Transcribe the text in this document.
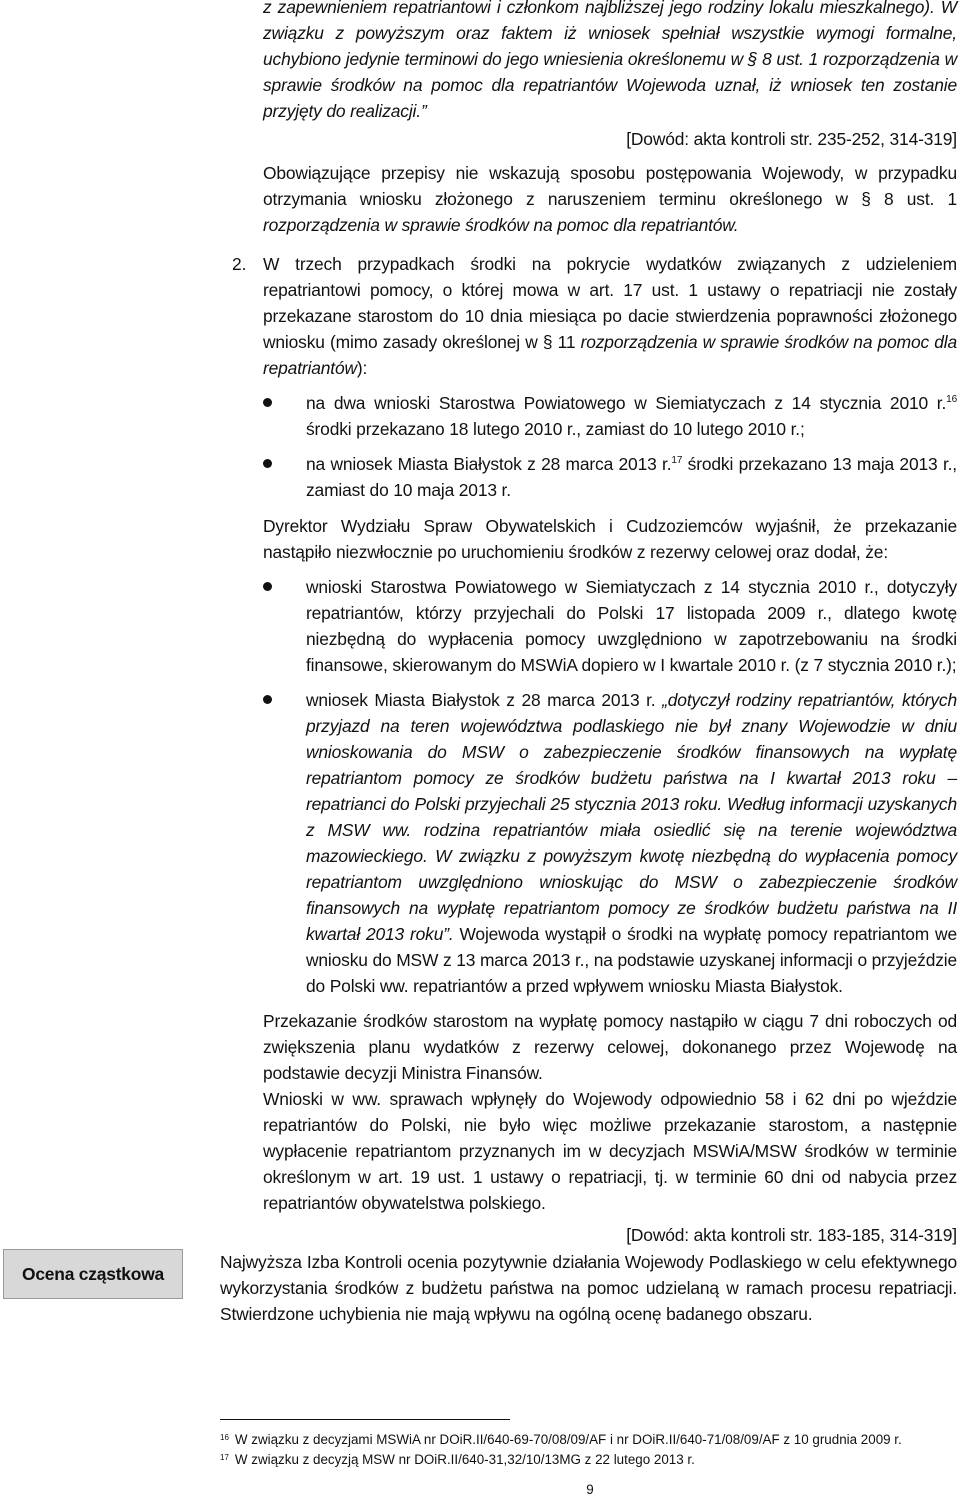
z zapewnieniem repatriantowi i członkom najbliższej jego rodziny lokalu mieszkalnego). W związku z powyższym oraz faktem iż wniosek spełniał wszystkie wymogi formalne, uchybiono jedynie terminowi do jego wniesienia określonemu w § 8 ust. 1 rozporządzenia w sprawie środków na pomoc dla repatriantów Wojewoda uznał, iż wniosek ten zostanie przyjęty do realizacji.”

[Dowód: akta kontroli str. 235-252, 314-319]

Obowiązujące przepisy nie wskazują sposobu postępowania Wojewody, w przypadku otrzymania wniosku złożonego z naruszeniem terminu określonego w § 8 ust. 1 rozporządzenia w sprawie środków na pomoc dla repatriantów.

2. W trzech przypadkach środki na pokrycie wydatków związanych z udzieleniem repatriantowi pomocy, o której mowa w art. 17 ust. 1 ustawy o repatriacji nie zostały przekazane starostom do 10 dnia miesiąca po dacie stwierdzenia poprawności złożonego wniosku (mimo zasady określonej w § 11 rozporządzenia w sprawie środków na pomoc dla repatriantów):

na dwa wnioski Starostwa Powiatowego w Siemiatyczach z 14 stycznia 2010 r.$^{16}$ środki przekazano 18 lutego 2010 r., zamiast do 10 lutego 2010 r.;
na wniosek Miasta Białystok z 28 marca 2013 r.$^{17}$ środki przekazano 13 maja 2013 r., zamiast do 10 maja 2013 r.

Dyrektor Wydziału Spraw Obywatelskich i Cudzoziemców wyjaśnił, że przekazanie nastąpiło niezwłocznie po uruchomieniu środków z rezerwy celowej oraz dodał, że:

wnioski Starostwa Powiatowego w Siemiatyczach z 14 stycznia 2010 r., dotyczyły repatriantów, którzy przyjechali do Polski 17 listopada 2009 r., dlatego kwotę niezbędną do wypłacenia pomocy uwzględniono w zapotrzebowaniu na środki finansowe, skierowanym do MSWiA dopiero w I kwartale 2010 r. (z 7 stycznia 2010 r.);
wniosek Miasta Białystok z 28 marca 2013 r. „dotyczył rodziny repatriantów, których przyjazd na teren województwa podlaskiego nie był znany Wojewodzie w dniu wnioskowania do MSW o zabezpieczenie środków finansowych na wypłatę repatriantom pomocy ze środków budżetu państwa na I kwartał 2013 roku – repatrianci do Polski przyjechali 25 stycznia 2013 roku. Według informacji uzyskanych z MSW ww. rodzina repatriantów miała osiedlić się na terenie województwa mazowieckiego. W związku z powyższym kwotę niezbędną do wypłacenia pomocy repatriantom uwzględniono wnioskując do MSW o zabezpieczenie środków finansowych na wypłatę repatriantom pomocy ze środków budżetu państwa na II kwartał 2013 roku”. Wojewoda wystąpił o środki na wypłatę pomocy repatriantom we wniosku do MSW z 13 marca 2013 r., na podstawie uzyskanej informacji o przyjeździe do Polski ww. repatriantów a przed wpływem wniosku Miasta Białystok.

Przekazanie środków starostom na wypłatę pomocy nastąpiło w ciągu 7 dni roboczych od zwiększenia planu wydatków z rezerwy celowej, dokonanego przez Wojewodę na podstawie decyzji Ministra Finansów.

Wnioski w ww. sprawach wpłynęły do Wojewody odpowiednio 58 i 62 dni po wjeździe repatriantów do Polski, nie było więc możliwe przekazanie starostom, a następnie wypłacenie repatriantom przyznanych im w decyzjach MSWiA/MSW środków w terminie określonym w art. 19 ust. 1 ustawy o repatriacji, tj. w terminie 60 dni od nabycia przez repatriantów obywatelstwa polskiego.

[Dowód: akta kontroli str. 183-185, 314-319]

Ocena cząstkowa

Najwyższa Izba Kontroli ocenia pozytywnie działania Wojewody Podlaskiego w celu efektywnego wykorzystania środków z budżetu państwa na pomoc udzielaną w ramach procesu repatriacji. Stwierdzone uchybienia nie mają wpływu na ogólną ocenę badanego obszaru.

$^{16}$ W związku z decyzjami MSWiA nr DOiR.II/640-69-70/08/09/AF i nr DOiR.II/640-71/08/09/AF z 10 grudnia 2009 r.
$^{17}$ W związku z decyzją MSW nr DOiR.II/640-31,32/10/13MG z 22 lutego 2013 r.
9
